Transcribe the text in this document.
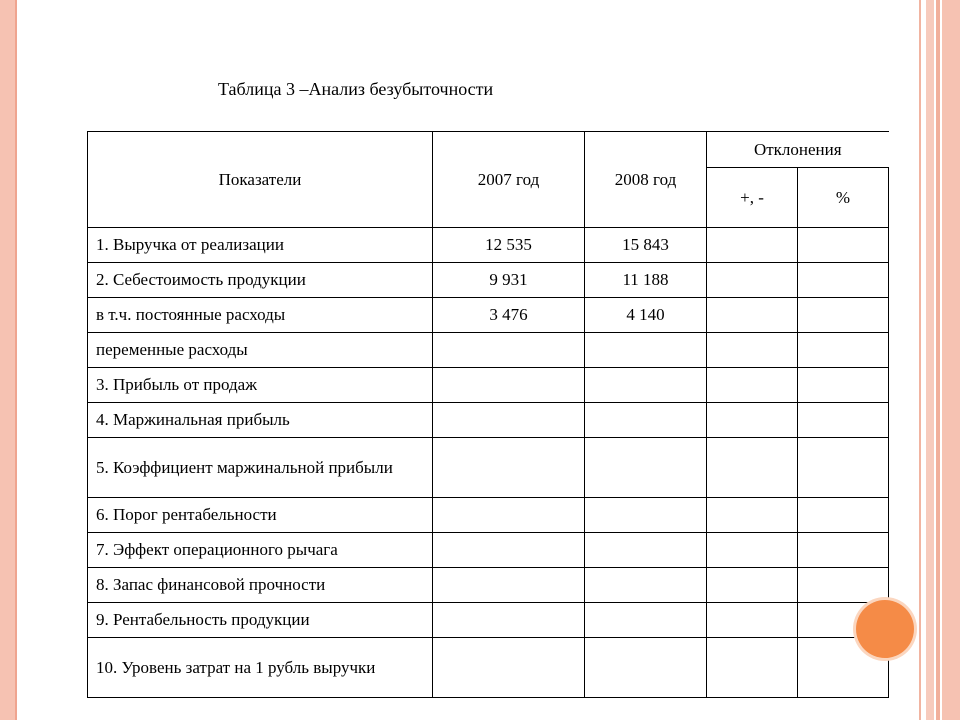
Таблица 3 –Анализ безубыточности
Показатели	2007 год	2008 год	Отклонения	
			+, -	%
1. Выручка от реализации	12 535	15 843		
2. Себестоимость продукции	9 931	11 188		
в т.ч. постоянные расходы	3 476	4 140		
переменные расходы				
3. Прибыль от продаж				
4. Маржинальная прибыль				
5. Коэффициент маржинальной прибыли				
6. Порог рентабельности				
7. Эффект операционного рычага				
8. Запас финансовой прочности				
9. Рентабельность продукции				
10. Уровень затрат на 1 рубль выручки				
